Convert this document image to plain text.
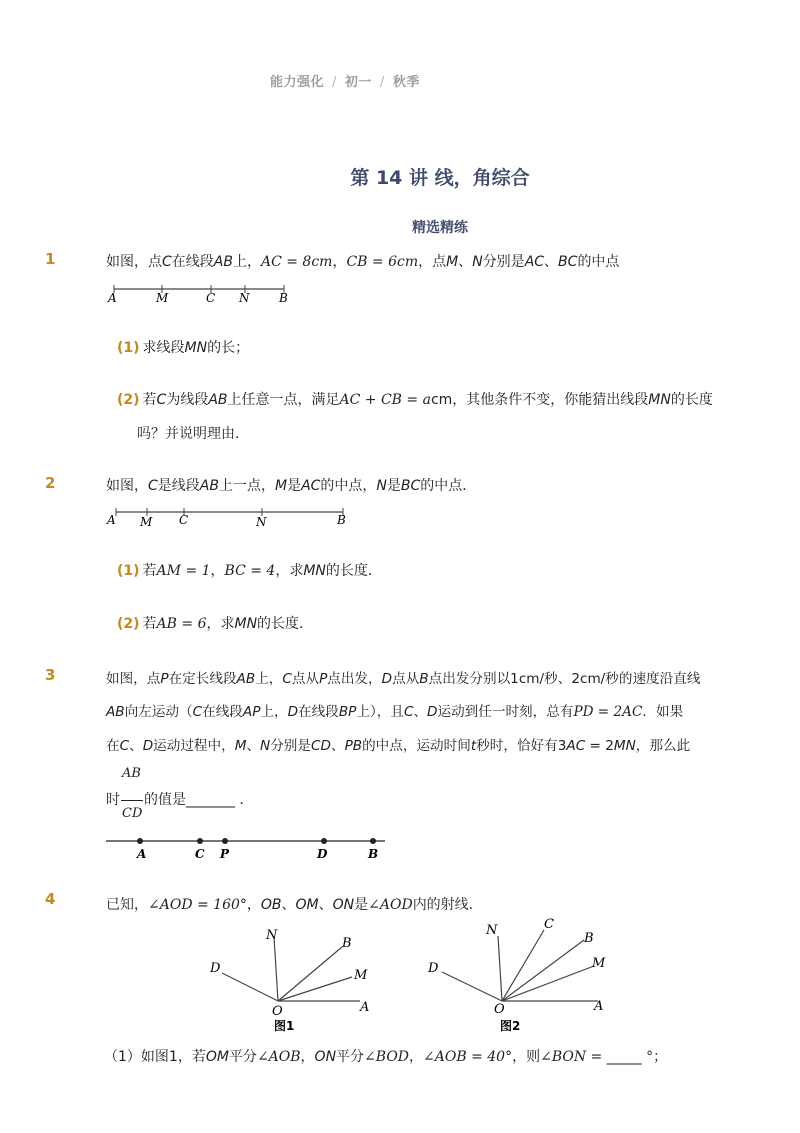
能力强化 / 初一 / 秋季
第 14 讲 线，角综合
精选精练
1	如图，点C在线段AB上，AC = 8cm，CB = 6cm，点M、N分别是AC、BC的中点
A	M	C N B
(1) 求线段MN的长；
(2) 若C为线段AB上任意一点，满足AC + CB = acm，其他条件不变，你能猜出线段MN的长度
吗？并说明理由．
2	如图，C是线段AB上一点，M是AC的中点，N是BC的中点．
A M C	N	B
(1) 若AM = 1，BC = 4，求MN的长度．
(2) 若AB = 6，求MN的长度．
3	如图，点P在定长线段AB上，C点从P点出发，D点从B点出发分别以1cm/秒、2cm/秒的速度沿直线
AB向左运动（C在线段AP上，D在线段BP上），且C、D运动到任一时刻，总有PD = 2AC．如果
在C、D运动过程中，M、N分别是CD、PB的中点，运动时间t秒时，恰好有3AC = 2MN，那么此
AB
时 的值是_______ ．
CD
A	C P	D	B
4	已知，∠AOD = 160°，OB、OM、ON是∠AOD内的射线．
N
B
M
D
O	A
图1
N	C
B
M
D
O	A
图2
（1）如图1，若OM平分∠AOB，ON平分∠BOD，∠AOB = 40°，则∠BON = _____ °；
